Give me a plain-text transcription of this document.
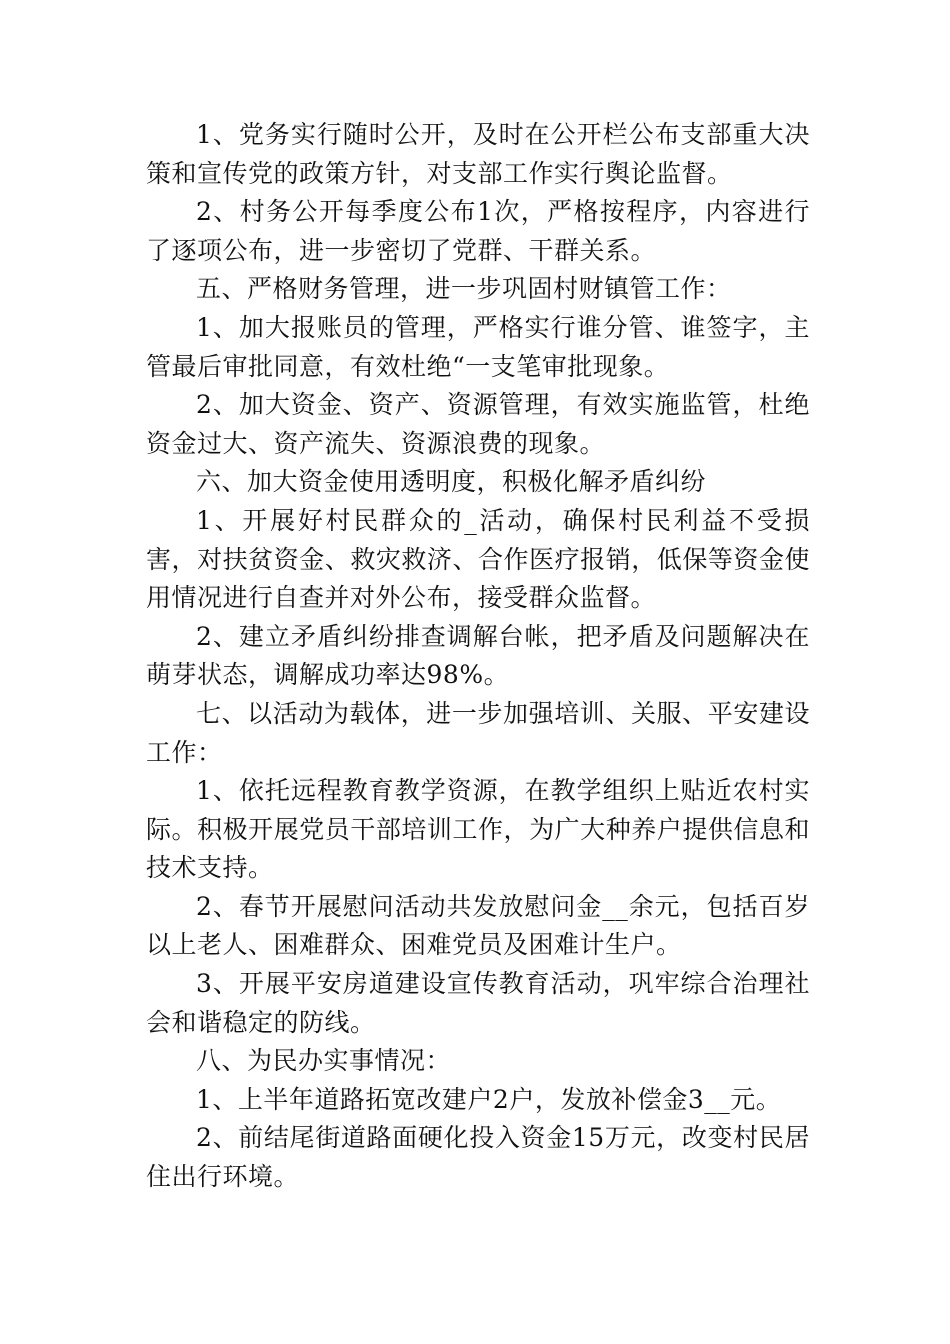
1、党务实行随时公开，及时在公开栏公布支部重大决策和宣传党的政策方针，对支部工作实行舆论监督。

2、村务公开每季度公布1次，严格按程序，内容进行了逐项公布，进一步密切了党群、干群关系。

五、严格财务管理，进一步巩固村财镇管工作：

1、加大报账员的管理，严格实行谁分管、谁签字，主管最后审批同意，有效杜绝“一支笔审批现象。

2、加大资金、资产、资源管理，有效实施监管，杜绝资金过大、资产流失、资源浪费的现象。

六、加大资金使用透明度，积极化解矛盾纠纷

1、开展好村民群众的_活动，确保村民利益不受损害，对扶贫资金、救灾救济、合作医疗报销，低保等资金使用情况进行自查并对外公布，接受群众监督。

2、建立矛盾纠纷排查调解台帐，把矛盾及问题解决在萌芽状态，调解成功率达98%。

七、以活动为载体，进一步加强培训、关服、平安建设工作：

1、依托远程教育教学资源，在教学组织上贴近农村实际。积极开展党员干部培训工作，为广大种养户提供信息和技术支持。

2、春节开展慰问活动共发放慰问金__余元，包括百岁以上老人、困难群众、困难党员及困难计生户。

3、开展平安房道建设宣传教育活动，巩牢综合治理社会和谐稳定的防线。

八、为民办实事情况：

1、上半年道路拓宽改建户2户，发放补偿金3__元。

2、前结尾街道路面硬化投入资金15万元，改变村民居住出行环境。
